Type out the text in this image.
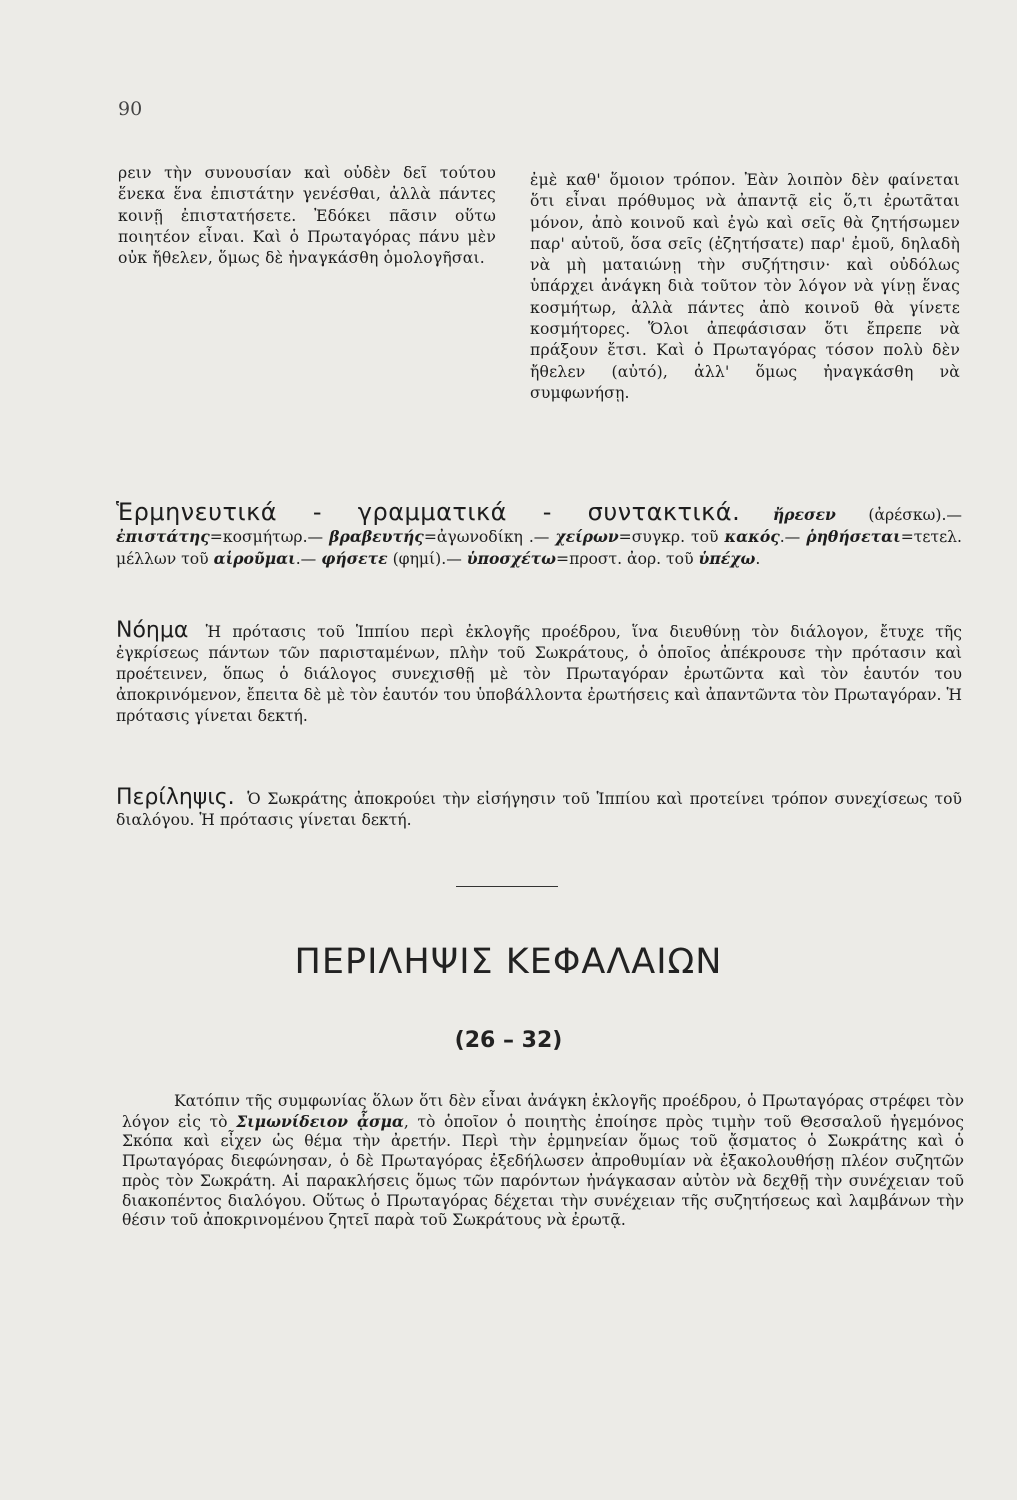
90

ρειν τὴν συνουσίαν καὶ οὐδὲν δεῖ τούτου ἕνεκα ἕνα ἐπιστάτην γενέσθαι, ἀλλὰ πάντες κοινῇ ἐπιστατήσετε. Ἐδόκει πᾶσιν οὕτω ποιητέον εἶναι. Καὶ ὁ Πρωταγόρας πάνυ μὲν οὐκ ἤθελεν, ὅμως δὲ ἠναγκάσθη ὁμολογῆσαι.

ἐμὲ καθ' ὅμοιον τρόπον. Ἐὰν λοιπὸν δὲν φαίνεται ὅτι εἶναι πρόθυμος νὰ ἀπαντᾷ εἰς ὅ,τι ἐρωτᾶται μόνον, ἀπὸ κοινοῦ καὶ ἐγὼ καὶ σεῖς θὰ ζητήσωμεν παρ' αὐτοῦ, ὅσα σεῖς (ἐζητήσατε) παρ' ἐμοῦ, δηλαδὴ νὰ μὴ ματαιώνῃ τὴν συζήτησιν· καὶ οὐδόλως ὑπάρχει ἀνάγκη διὰ τοῦτον τὸν λόγον νὰ γίνῃ ἕνας κοσμήτωρ, ἀλλὰ πάντες ἀπὸ κοινοῦ θὰ γίνετε κοσμήτορες. Ὅλοι ἀπεφάσισαν ὅτι ἔπρεπε νὰ πράξουν ἔτσι. Καὶ ὁ Πρωταγόρας τόσον πολὺ δὲν ἤθελεν (αὐτό), ἀλλ' ὅμως ἠναγκάσθη νὰ συμφωνήσῃ.

Ἑρμηνευτικά - γραμματικά - συντακτικά. ἤρεσεν (ἀρέσκω).— ἐπιστάτης=κοσμήτωρ.— βραβευτής=ἀγωνοδίκη .— χείρων=συγκρ. τοῦ κακός.— ῥηθήσεται=τετελ. μέλλων τοῦ αἱροῦμαι.— φήσετε (φημί).— ὑποσχέτω=προστ. ἀορ. τοῦ ὑπέχω.

Νόημα Ἡ πρότασις τοῦ Ἱππίου περὶ ἐκλογῆς προέδρου, ἵνα διευθύνῃ τὸν διάλογον, ἔτυχε τῆς ἐγκρίσεως πάντων τῶν παρισταμένων, πλὴν τοῦ Σωκράτους, ὁ ὁποῖος ἀπέκρουσε τὴν πρότασιν καὶ προέτεινεν, ὅπως ὁ διάλογος συνεχισθῇ μὲ τὸν Πρωταγόραν ἐρωτῶντα καὶ τὸν ἑαυτόν του ἀποκρινόμενον, ἔπειτα δὲ μὲ τὸν ἑαυτόν του ὑποβάλλοντα ἐρωτήσεις καὶ ἀπαντῶντα τὸν Πρωταγόραν. Ἡ πρότασις γίνεται δεκτή.

Περίληψις. Ὁ Σωκράτης ἀποκρούει τὴν εἰσήγησιν τοῦ Ἱππίου καὶ προτείνει τρόπον συνεχίσεως τοῦ διαλόγου. Ἡ πρότασις γίνεται δεκτή.

ΠΕΡΙΛΗΨΙΣ ΚΕΦΑΛΑΙΩΝ
(26 – 32)

Κατόπιν τῆς συμφωνίας ὅλων ὅτι δὲν εἶναι ἀνάγκη ἐκλογῆς προέδρου, ὁ Πρωταγόρας στρέφει τὸν λόγον εἰς τὸ Σιμωνίδειον ᾆσμα, τὸ ὁποῖον ὁ ποιητὴς ἐποίησε πρὸς τιμὴν τοῦ Θεσσαλοῦ ἡγεμόνος Σκόπα καὶ εἶχεν ὡς θέμα τὴν ἀρετήν. Περὶ τὴν ἑρμηνείαν ὅμως τοῦ ᾄσματος ὁ Σωκράτης καὶ ὁ Πρωταγόρας διεφώνησαν, ὁ δὲ Πρωταγόρας ἐξεδήλωσεν ἀπροθυμίαν νὰ ἐξακολουθήσῃ πλέον συζητῶν πρὸς τὸν Σωκράτη. Αἱ παρακλήσεις ὅμως τῶν παρόντων ἠνάγκασαν αὐτὸν νὰ δεχθῇ τὴν συνέχειαν τοῦ διακοπέντος διαλόγου. Οὕτως ὁ Πρωταγόρας δέχεται τὴν συνέχειαν τῆς συζητήσεως καὶ λαμβάνων τὴν θέσιν τοῦ ἀποκρινομένου ζητεῖ παρὰ τοῦ Σωκράτους νὰ ἐρωτᾷ.
